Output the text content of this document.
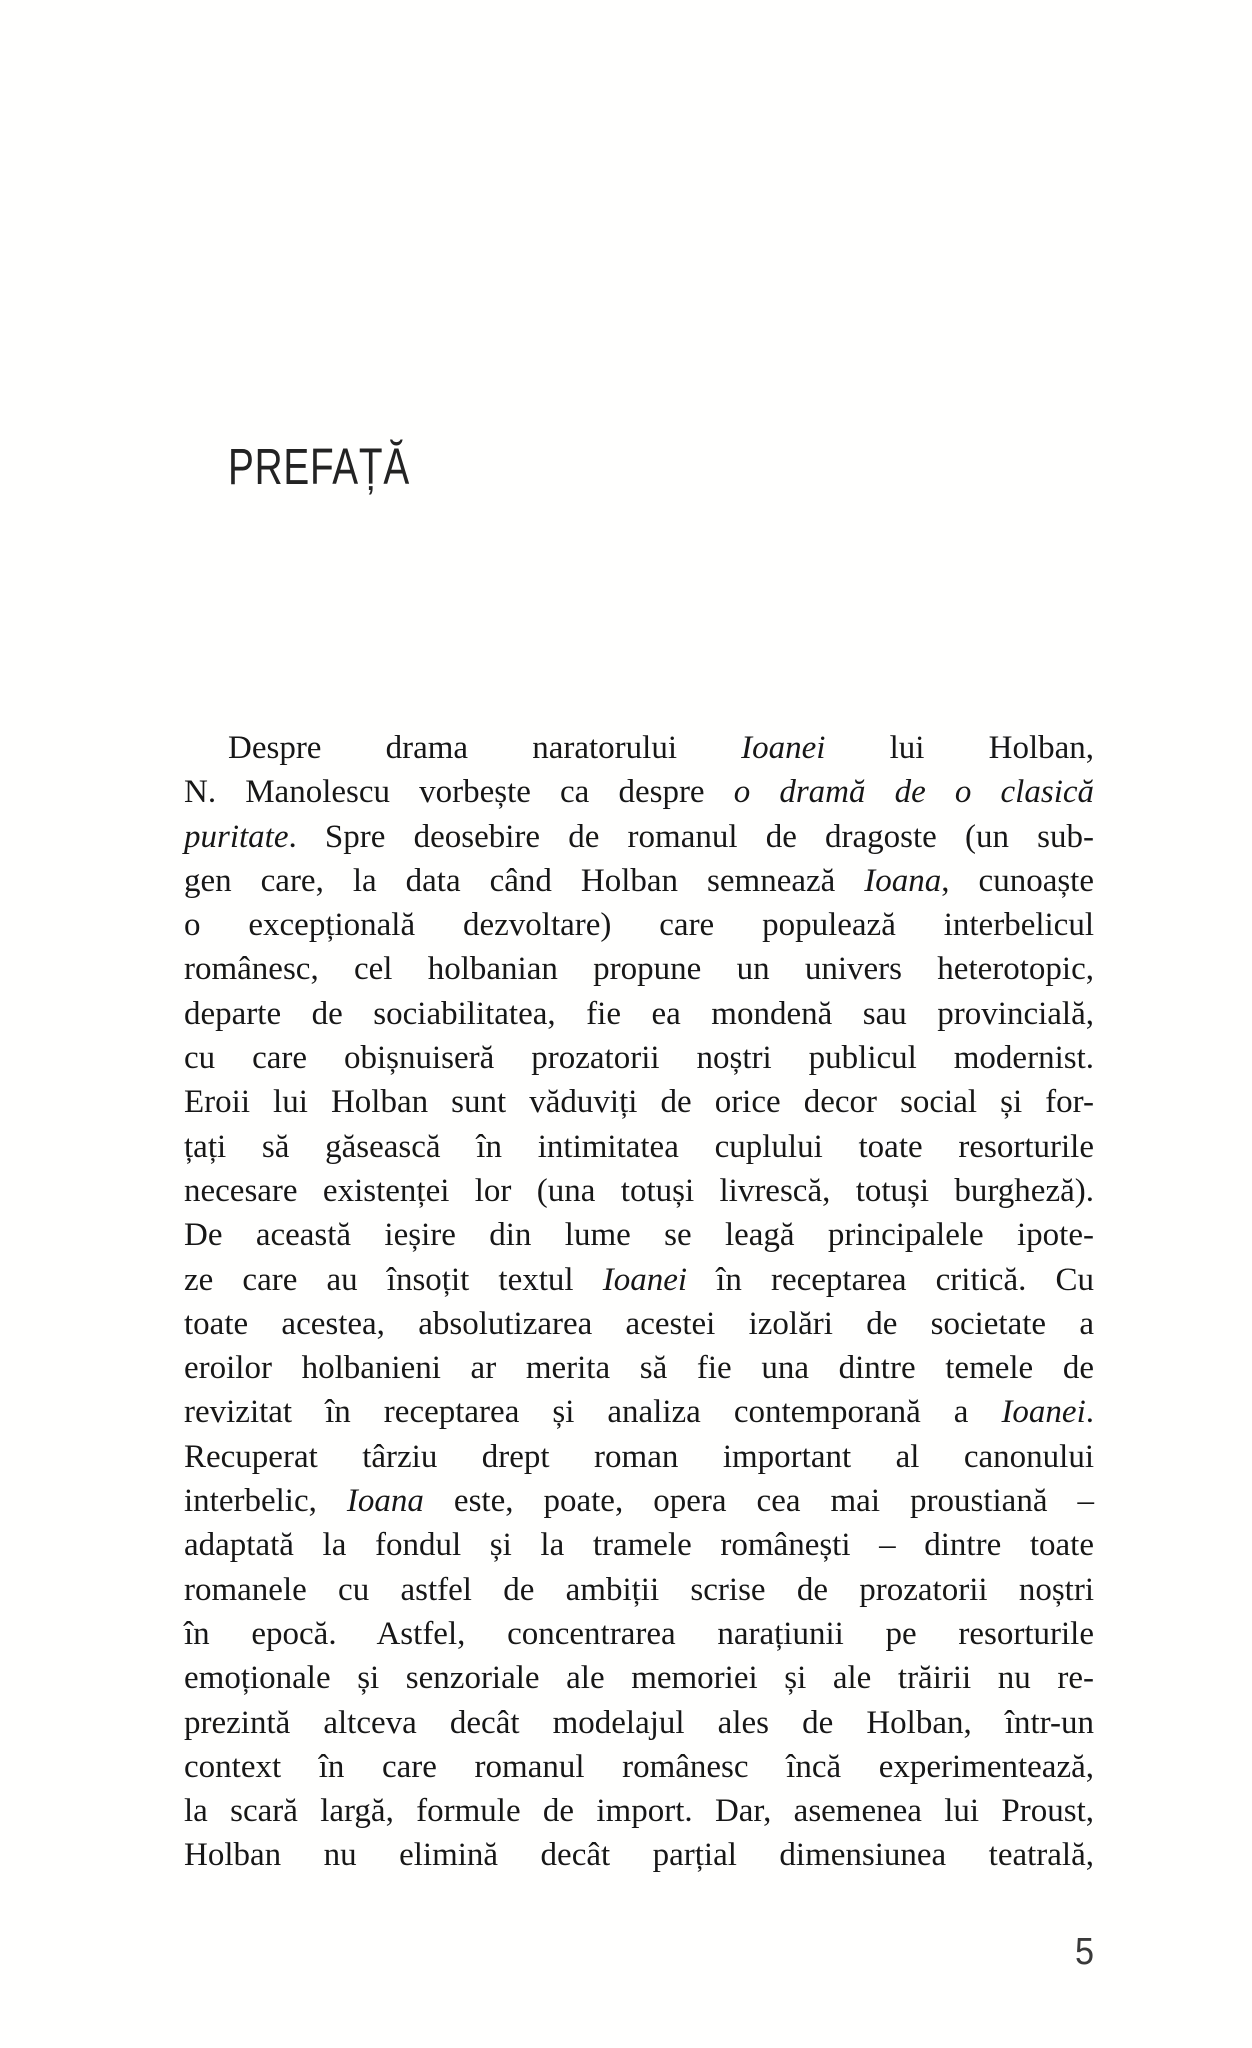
PREFAȚĂ
Despre drama naratorului Ioanei lui Holban,
N. Manolescu vorbește ca despre o dramă de o clasică
puritate. Spre deosebire de romanul de dragoste (un sub-
gen care, la data când Holban semnează Ioana, cunoaște
o excepțională dezvoltare) care populează interbelicul
românesc, cel holbanian propune un univers heterotopic,
departe de sociabilitatea, fie ea mondenă sau provincială,
cu care obișnuiseră prozatorii noștri publicul modernist.
Eroii lui Holban sunt văduviți de orice decor social și for-
țați să găsească în intimitatea cuplului toate resorturile
necesare existenței lor (una totuși livrescă, totuși burgheză).
De această ieșire din lume se leagă principalele ipote-
ze care au însoțit textul Ioanei în receptarea critică. Cu
toate acestea, absolutizarea acestei izolări de societate a
eroilor holbanieni ar merita să fie una dintre temele de
revizitat în receptarea și analiza contemporană a Ioanei.
Recuperat târziu drept roman important al canonului
interbelic, Ioana este, poate, opera cea mai proustiană –
adaptată la fondul și la tramele românești – dintre toate
romanele cu astfel de ambiții scrise de prozatorii noștri
în epocă. Astfel, concentrarea narațiunii pe resorturile
emoționale și senzoriale ale memoriei și ale trăirii nu re-
prezintă altceva decât modelajul ales de Holban, într-un
context în care romanul românesc încă experimentează,
la scară largă, formule de import. Dar, asemenea lui Proust,
Holban nu elimină decât parțial dimensiunea teatrală,
5
